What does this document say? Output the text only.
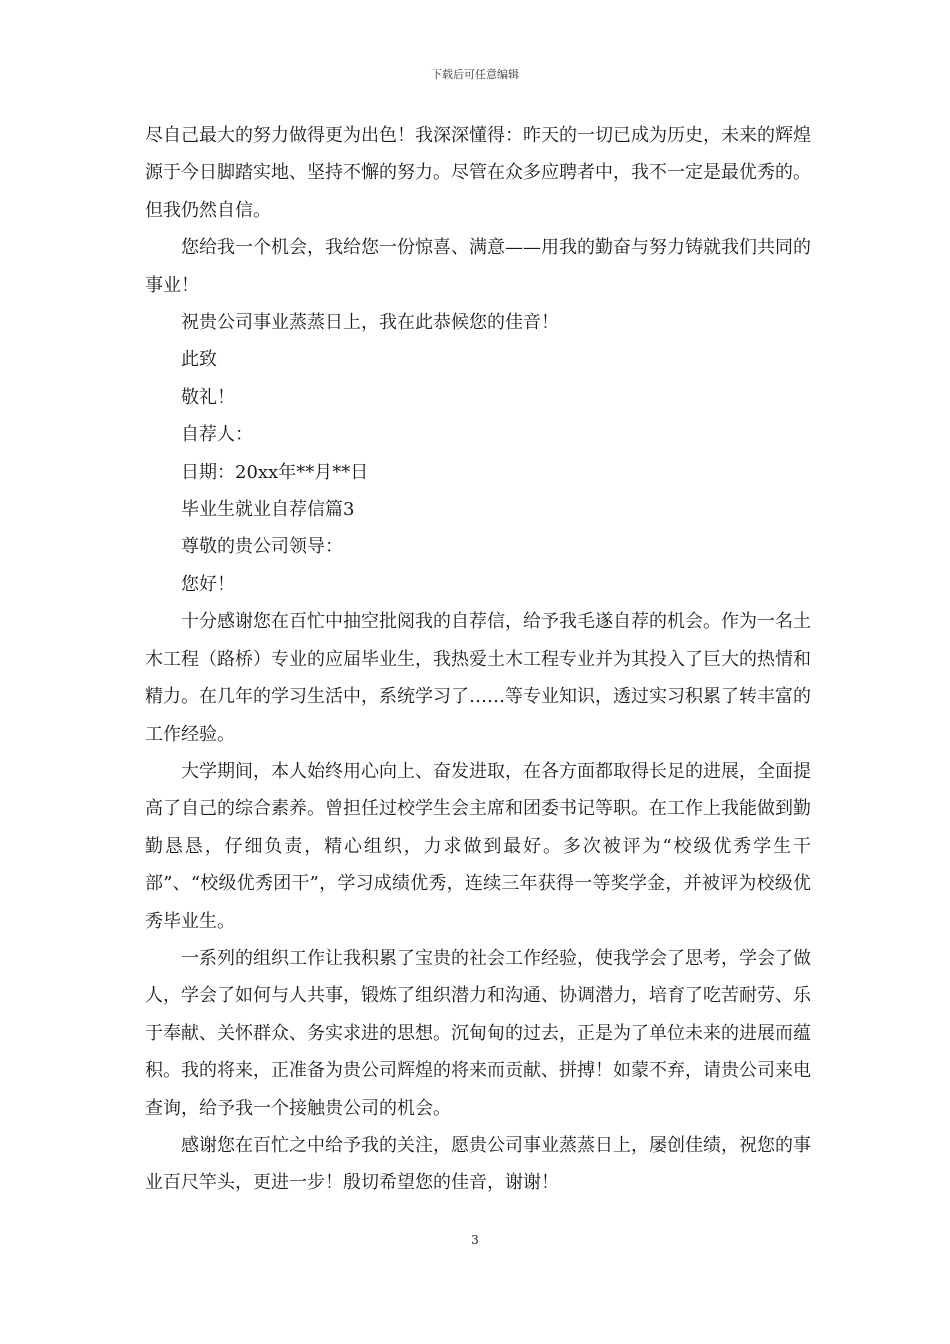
下载后可任意编辑

尽自己最大的努力做得更为出色！我深深懂得：昨天的一切已成为历史，未来的辉煌源于今日脚踏实地、坚持不懈的努力。尽管在众多应聘者中，我不一定是最优秀的。但我仍然自信。

您给我一个机会，我给您一份惊喜、满意——用我的勤奋与努力铸就我们共同的事业！

祝贵公司事业蒸蒸日上，我在此恭候您的佳音！

此致

敬礼！

自荐人：

日期：20xx年**月**日

毕业生就业自荐信篇3

尊敬的贵公司领导：

您好！

十分感谢您在百忙中抽空批阅我的自荐信，给予我毛遂自荐的机会。作为一名土木工程（路桥）专业的应届毕业生，我热爱土木工程专业并为其投入了巨大的热情和精力。在几年的学习生活中，系统学习了……等专业知识，透过实习积累了转丰富的工作经验。

大学期间，本人始终用心向上、奋发进取，在各方面都取得长足的进展，全面提高了自己的综合素养。曾担任过校学生会主席和团委书记等职。在工作上我能做到勤勤恳恳，仔细负责，精心组织，力求做到最好。多次被评为“校级优秀学生干部”、“校级优秀团干”，学习成绩优秀，连续三年获得一等奖学金，并被评为校级优秀毕业生。

一系列的组织工作让我积累了宝贵的社会工作经验，使我学会了思考，学会了做人，学会了如何与人共事，锻炼了组织潜力和沟通、协调潜力，培育了吃苦耐劳、乐于奉献、关怀群众、务实求进的思想。沉甸甸的过去，正是为了单位未来的进展而蕴积。我的将来，正准备为贵公司辉煌的将来而贡献、拼搏！如蒙不弃，请贵公司来电查询，给予我一个接触贵公司的机会。

感谢您在百忙之中给予我的关注，愿贵公司事业蒸蒸日上，屡创佳绩，祝您的事业百尺竿头，更进一步！殷切希望您的佳音，谢谢！

3
